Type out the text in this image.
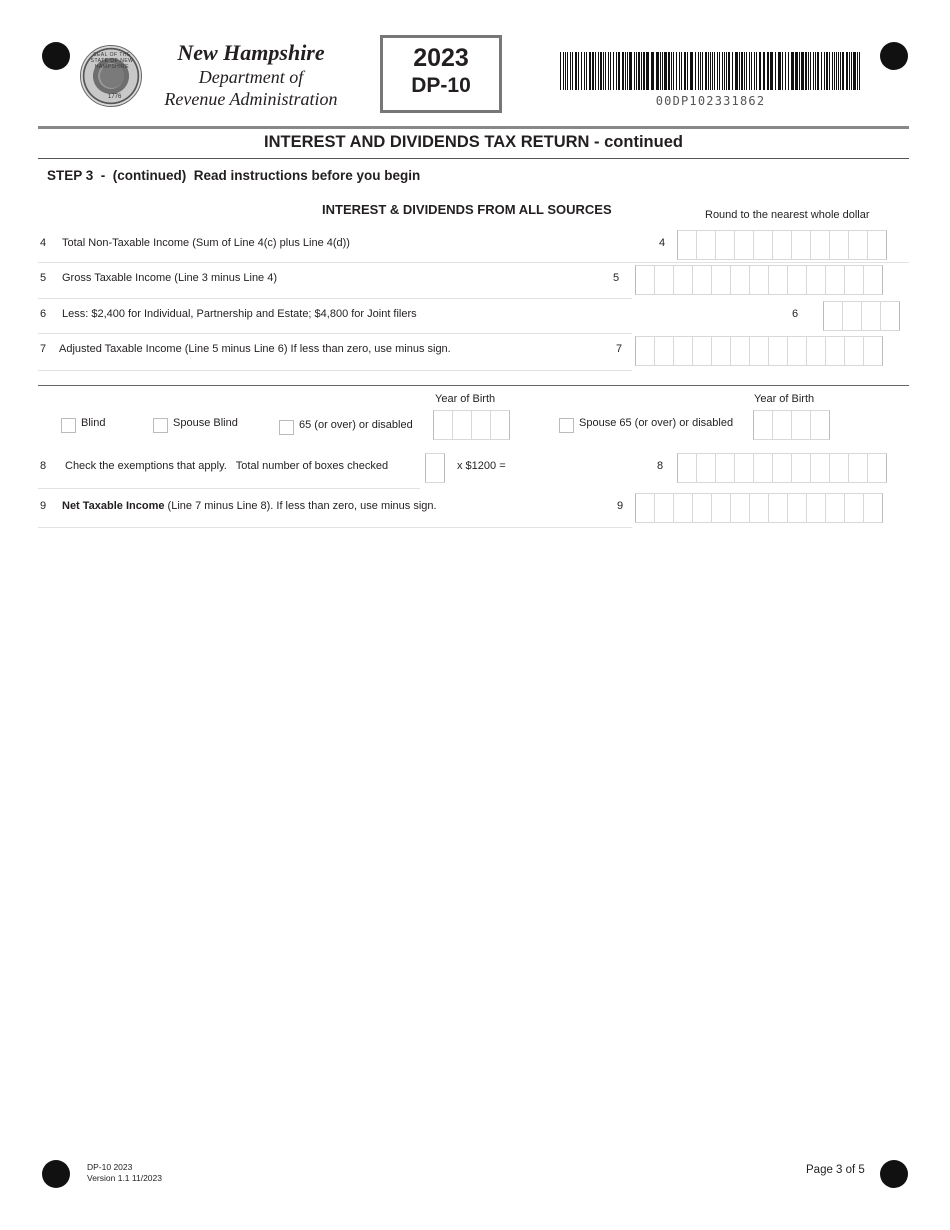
SEAL OF THE STATE OF NEW HAMPSHIRE
1776
New Hampshire
Department of
Revenue Administration
2023
DP-10
00DP102331862
INTEREST AND DIVIDENDS TAX RETURN - continued
STEP 3  -  (continued)  Read instructions before you begin
INTEREST & DIVIDENDS FROM ALL SOURCES	Round to the nearest whole dollar
4 Total Non-Taxable Income (Sum of Line 4(c) plus Line 4(d))	4
5 Gross Taxable Income (Line 3 minus Line 4)	5
6 Less: $2,400 for Individual, Partnership and Estate; $4,800 for Joint filers	6
7 Adjusted Taxable Income (Line 5 minus Line 6) If less than zero, use minus sign.	7
Year of Birth	Year of Birth
Blind	Spouse Blind	65 (or over) or disabled	Spouse 65 (or over) or disabled
8 Check the exemptions that apply.   Total number of boxes checked	x $1200 =	8
9 Net Taxable Income (Line 7 minus Line 8). If less than zero, use minus sign.	9
DP-10 2023
Version 1.1 11/2023
Page 3 of 5
